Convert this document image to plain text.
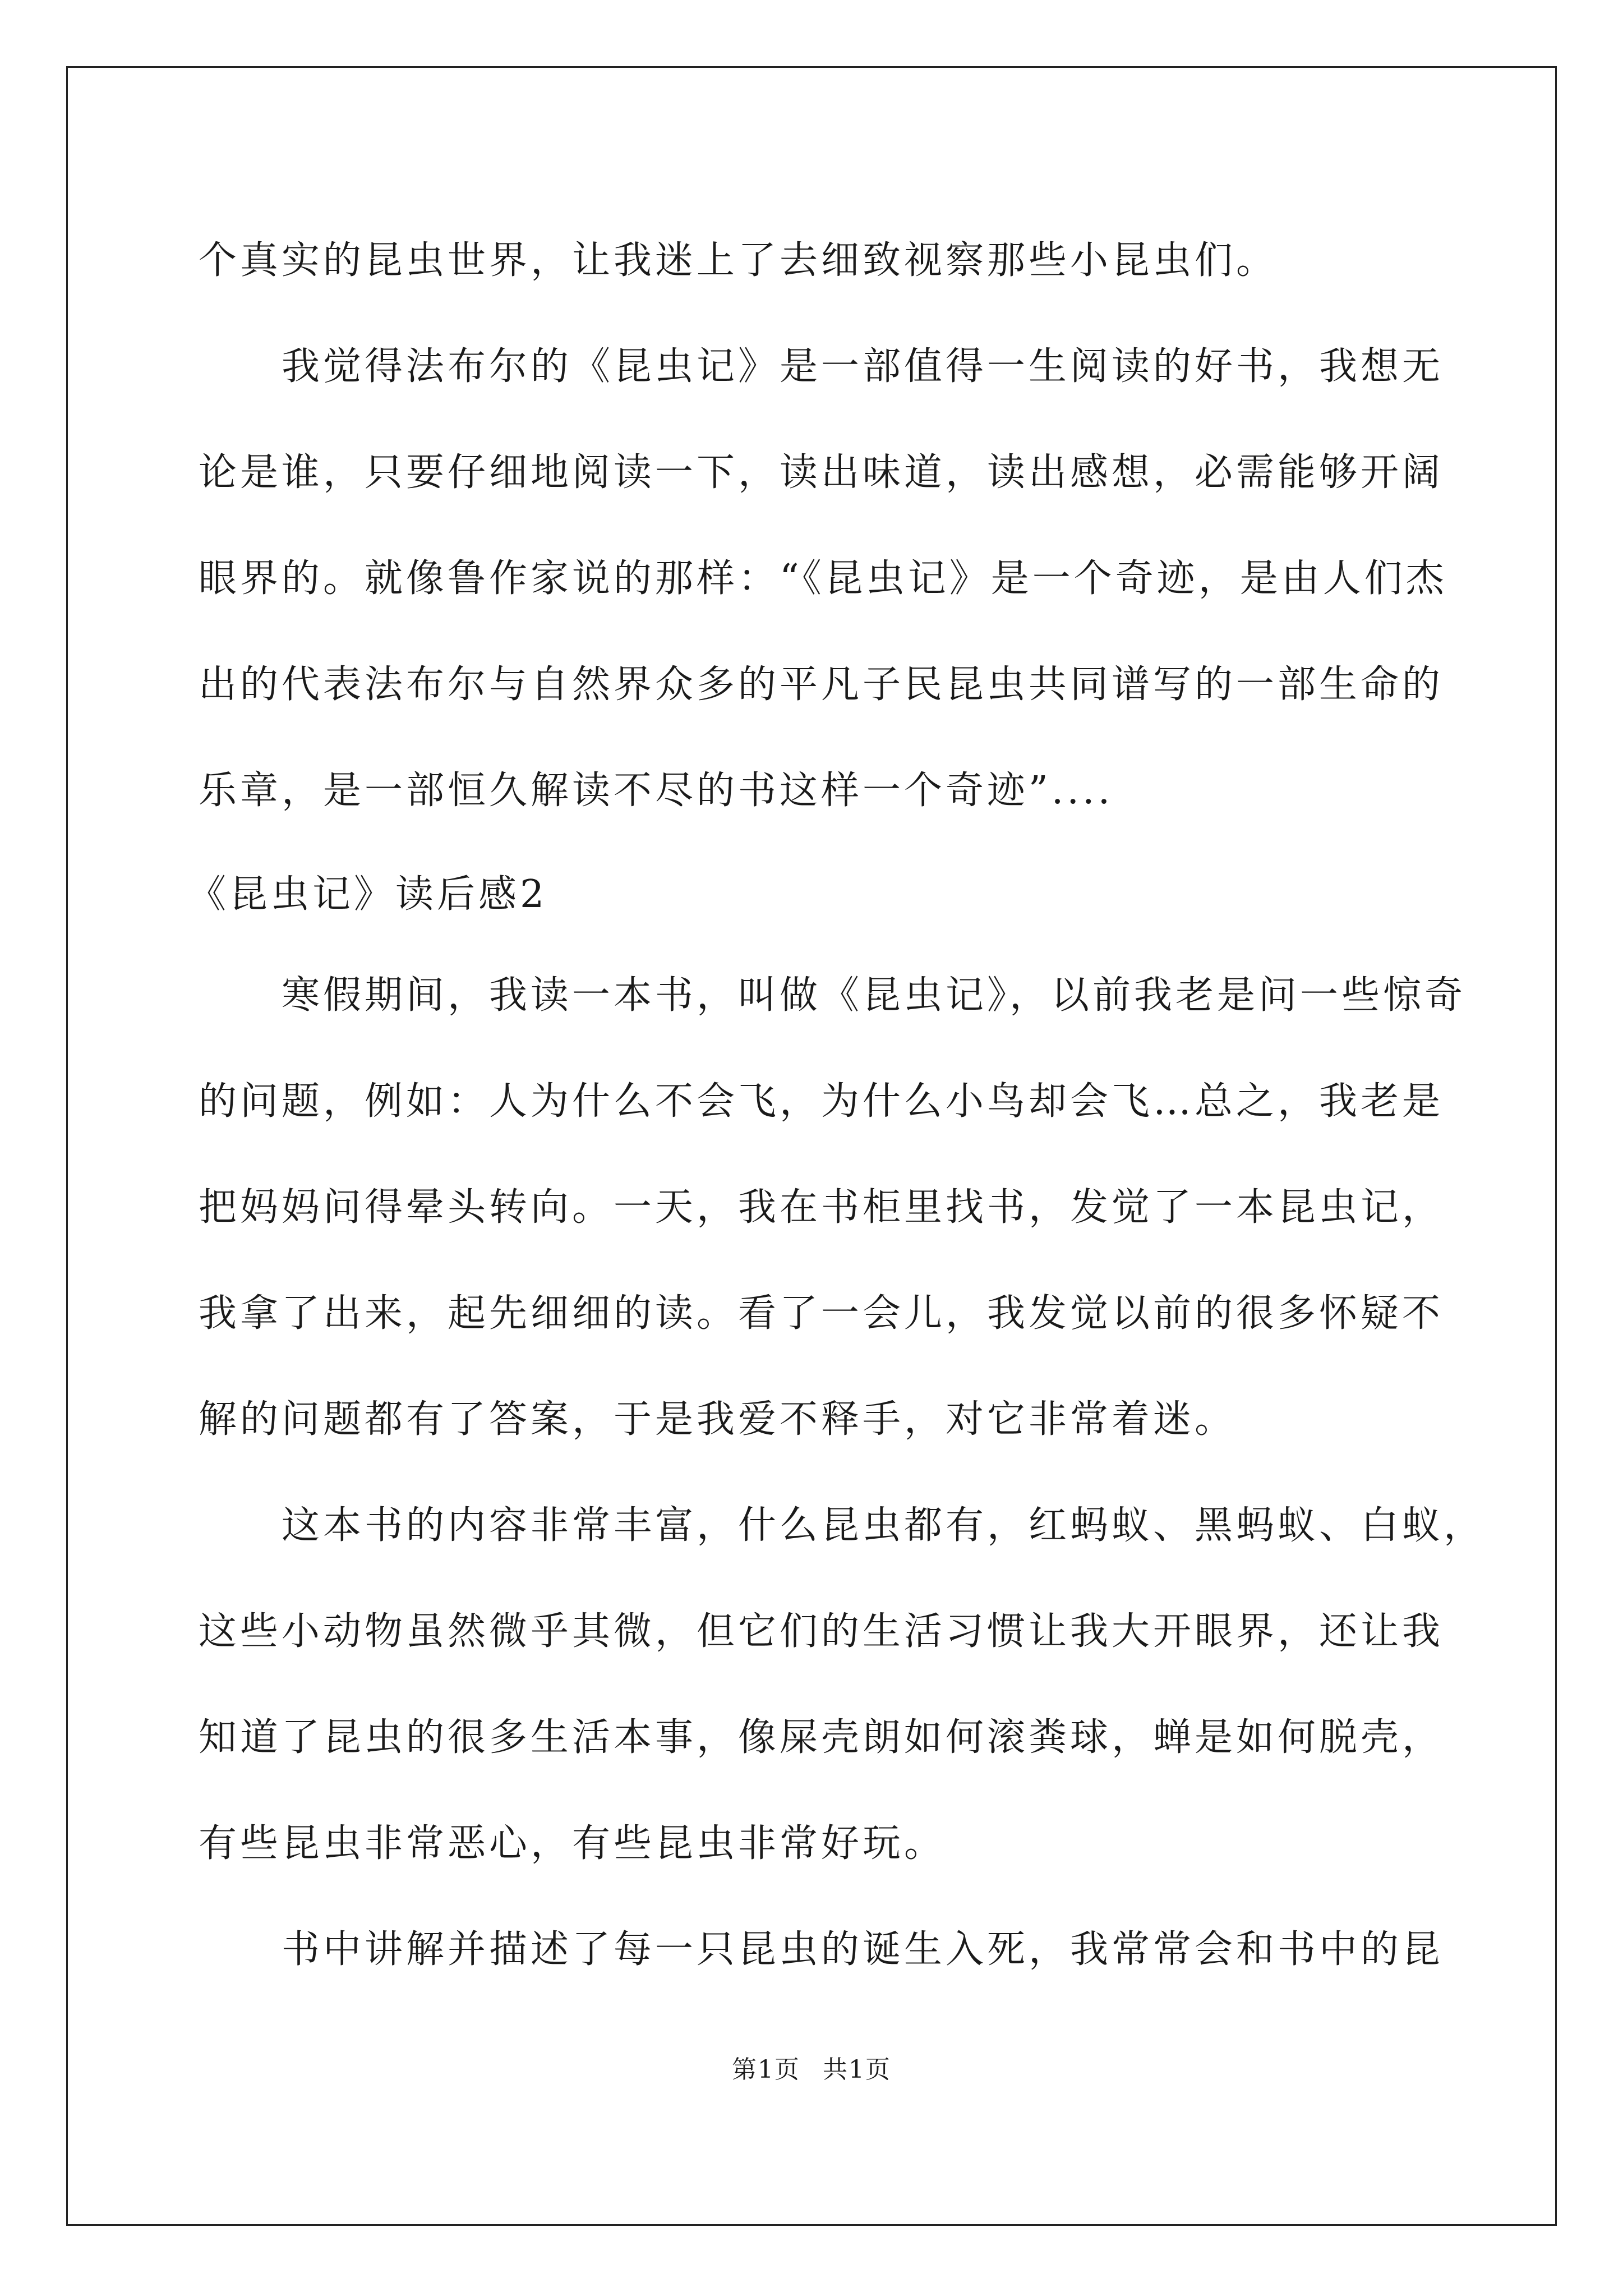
个真实的昆虫世界，让我迷上了去细致视察那些小昆虫们。
我觉得法布尔的《昆虫记》是一部值得一生阅读的好书，我想无
论是谁，只要仔细地阅读一下，读出味道，读出感想，必需能够开阔
眼界的。就像鲁作家说的那样：“《昆虫记》是一个奇迹，是由人们杰
出的代表法布尔与自然界众多的平凡子民昆虫共同谱写的一部生命的
乐章，是一部恒久解读不尽的书这样一个奇迹”....
《昆虫记》读后感2
寒假期间，我读一本书，叫做《昆虫记》，以前我老是问一些惊奇
的问题，例如：人为什么不会飞，为什么小鸟却会飞…总之，我老是
把妈妈问得晕头转向。一天，我在书柜里找书，发觉了一本昆虫记，
我拿了出来，起先细细的读。看了一会儿，我发觉以前的很多怀疑不
解的问题都有了答案，于是我爱不释手，对它非常着迷。
这本书的内容非常丰富，什么昆虫都有，红蚂蚁、黑蚂蚁、白蚁，
这些小动物虽然微乎其微，但它们的生活习惯让我大开眼界，还让我
知道了昆虫的很多生活本事，像屎壳朗如何滚粪球，蝉是如何脱壳，
有些昆虫非常恶心，有些昆虫非常好玩。
书中讲解并描述了每一只昆虫的诞生入死，我常常会和书中的昆
第1页 共1页
